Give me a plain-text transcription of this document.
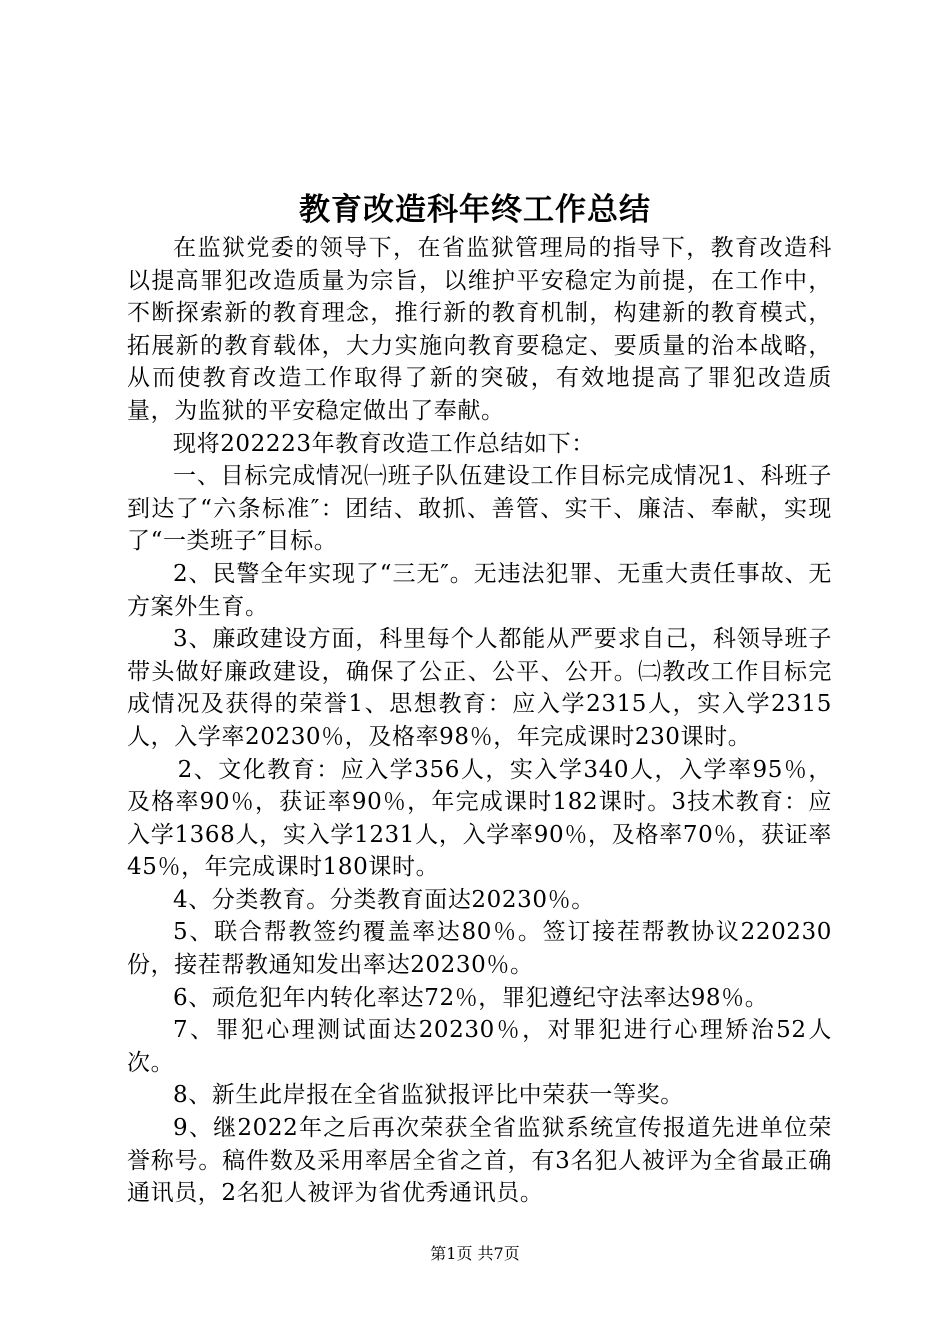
教育改造科年终工作总结

在监狱党委的领导下，在省监狱管理局的指导下，教育改造科以提高罪犯改造质量为宗旨，以维护平安稳定为前提，在工作中，不断探索新的教育理念，推行新的教育机制，构建新的教育模式，拓展新的教育载体，大力实施向教育要稳定、要质量的治本战略，从而使教育改造工作取得了新的突破，有效地提高了罪犯改造质量，为监狱的平安稳定做出了奉献。

现将202223年教育改造工作总结如下：

一、目标完成情况㈠班子队伍建设工作目标完成情况1、科班子到达了“六条标准″：团结、敢抓、善管、实干、廉洁、奉献，实现了“一类班子″目标。

2、民警全年实现了“三无″。无违法犯罪、无重大责任事故、无方案外生育。

3、廉政建设方面，科里每个人都能从严要求自己，科领导班子带头做好廉政建设，确保了公正、公平、公开。㈡教改工作目标完成情况及获得的荣誉1、思想教育：应入学2315人，实入学2315人，入学率20230％，及格率98％，年完成课时230课时。

2、文化教育：应入学356人，实入学340人，入学率95％，及格率90％，获证率90％，年完成课时182课时。3技术教育：应入学1368人，实入学1231人，入学率90％，及格率70％，获证率45％，年完成课时180课时。

4、分类教育。分类教育面达20230％。

5、联合帮教签约覆盖率达80％。签订接茬帮教协议220230份，接茬帮教通知发出率达20230％。

6、顽危犯年内转化率达72％，罪犯遵纪守法率达98％。

7、罪犯心理测试面达20230％，对罪犯进行心理矫治52人次。

8、新生此岸报在全省监狱报评比中荣获一等奖。

9、继2022年之后再次荣获全省监狱系统宣传报道先进单位荣誉称号。稿件数及采用率居全省之首，有3名犯人被评为全省最正确通讯员，2名犯人被评为省优秀通讯员。

第1页 共7页
